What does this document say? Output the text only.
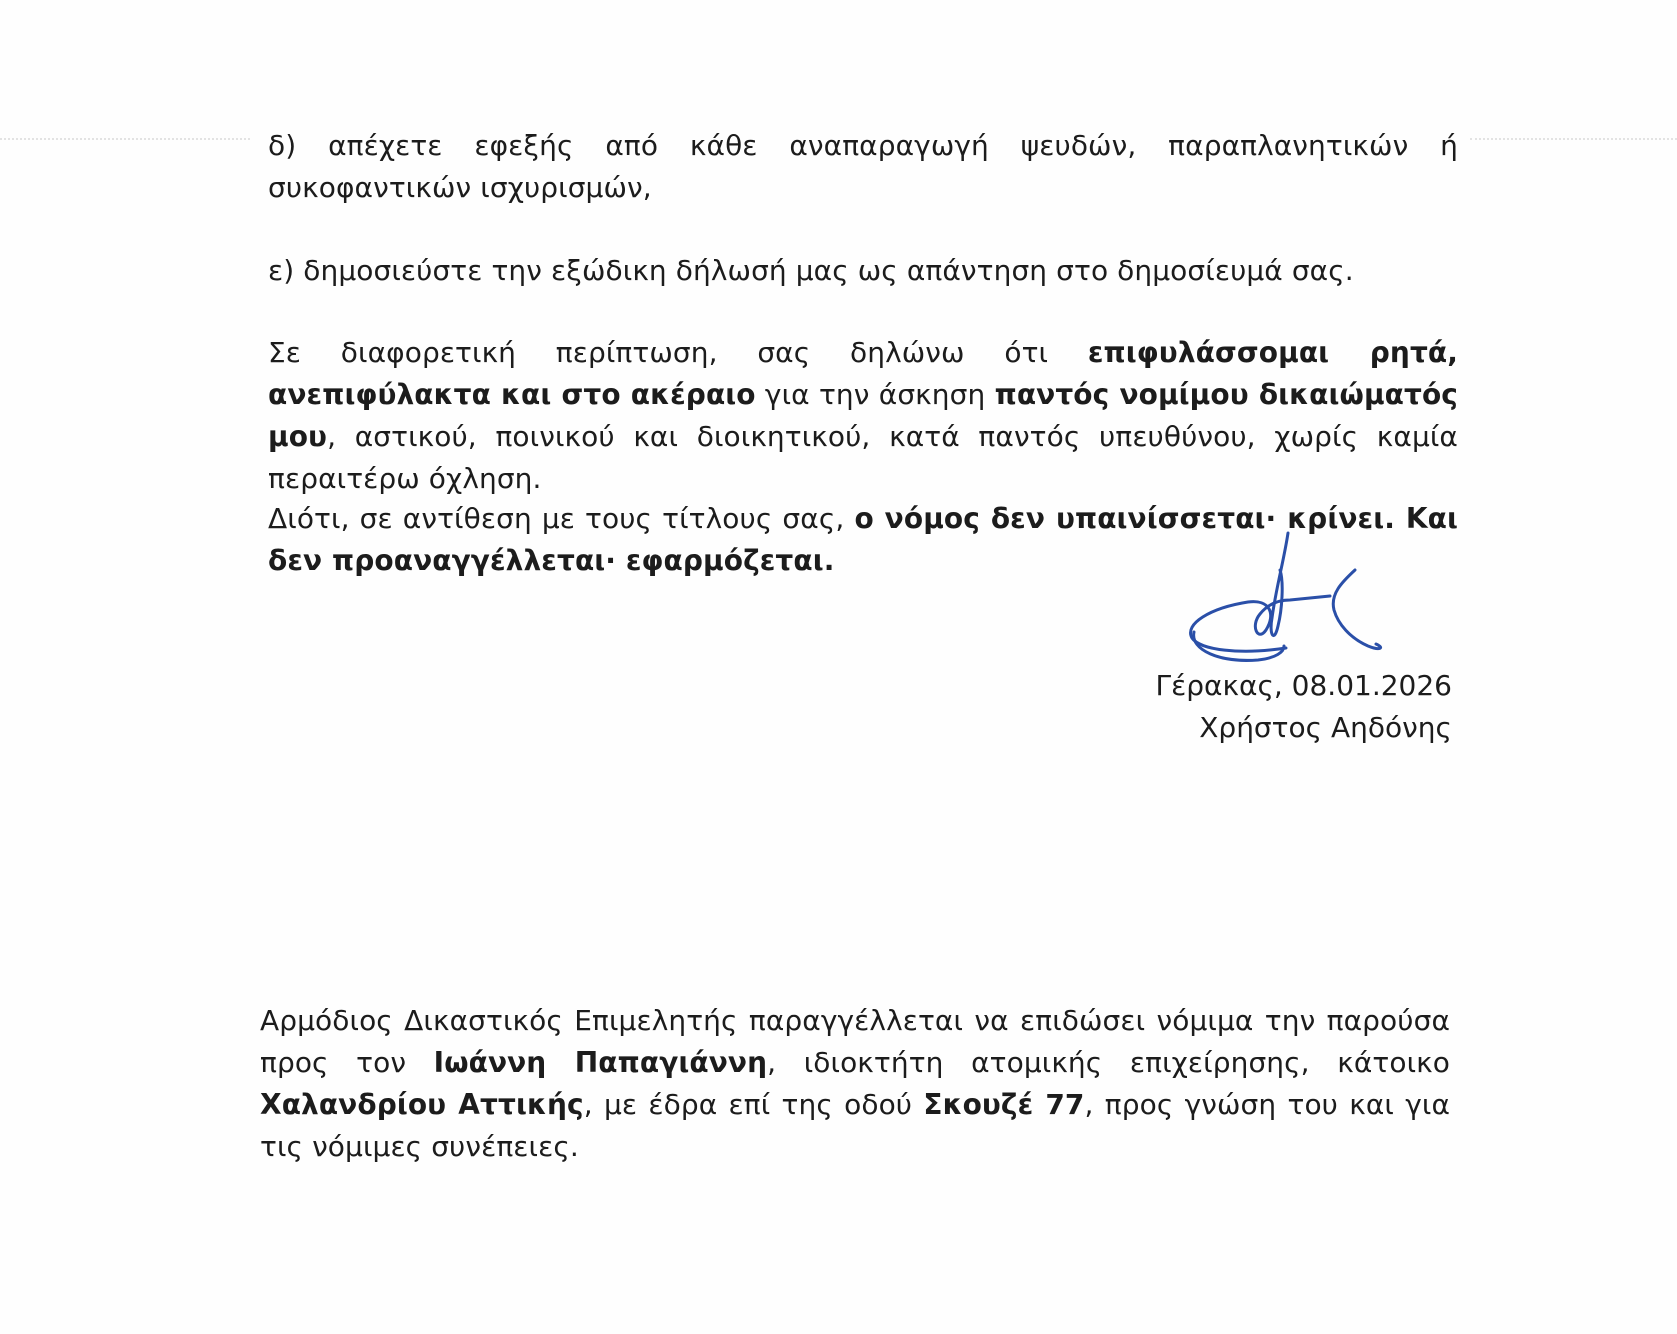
δ) απέχετε εφεξής από κάθε αναπαραγωγή ψευδών, παραπλανητικών ή συκοφαντικών ισχυρισμών,

ε) δημοσιεύστε την εξώδικη δήλωσή μας ως απάντηση στο δημοσίευμά σας.

Σε διαφορετική περίπτωση, σας δηλώνω ότι επιφυλάσσομαι ρητά, ανεπιφύλακτα και στο ακέραιο για την άσκηση παντός νομίμου δικαιώματός μου, αστικού, ποινικού και διοικητικού, κατά παντός υπευθύνου, χωρίς καμία περαιτέρω όχληση.

Διότι, σε αντίθεση με τους τίτλους σας, ο νόμος δεν υπαινίσσεται· κρίνει. Και δεν προαναγγέλλεται· εφαρμόζεται.

Γέρακας, 08.01.2026
Χρήστος Αηδόνης

Αρμόδιος Δικαστικός Επιμελητής παραγγέλλεται να επιδώσει νόμιμα την παρούσα προς τον Ιωάννη Παπαγιάννη, ιδιοκτήτη ατομικής επιχείρησης, κάτοικο Χαλανδρίου Αττικής, με έδρα επί της οδού Σκουζέ 77, προς γνώση του και για τις νόμιμες συνέπειες.
